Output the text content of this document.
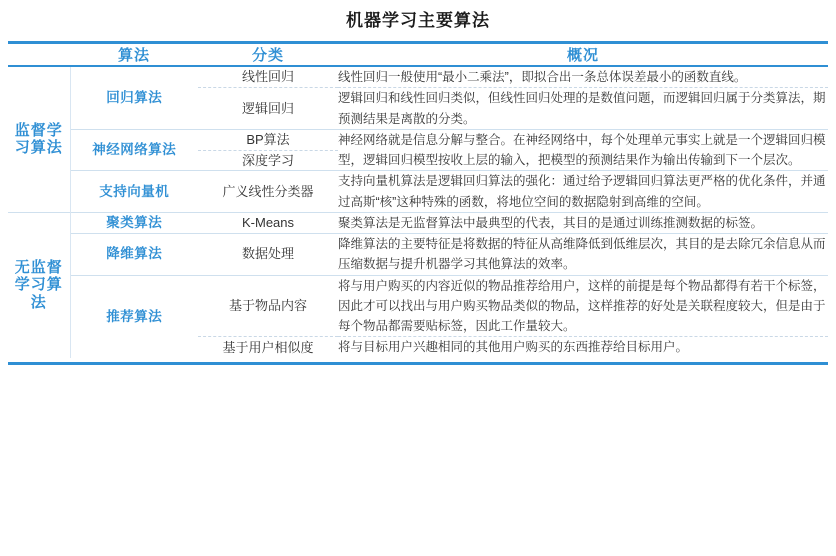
机器学习主要算法

	算法	分类	概况

监督学习算法	回归算法	线性回归	线性回归一般使用“最小二乘法”，即拟合出一条总体误差最小的函数直线。
		逻辑回归	逻辑回归和线性回归类似，但线性回归处理的是数值问题，而逻辑回归属于分类算法，期预测结果是离散的分类。
	神经网络算法	BP算法	神经网络就是信息分解与整合。在神经网络中，每个处理单元事实上就是一个逻辑回归模型，逻辑回归模型按收上层的输入，把模型的预测结果作为输出传输到下一个层次。
		深度学习	
	支持向量机	广义线性分类器	支持向量机算法是逻辑回归算法的强化：通过给予逻辑回归算法更严格的优化条件，并通过高斯“核”这种特殊的函数，将地位空间的数据隐射到高维的空间。
无监督学习算法	聚类算法	K-Means	聚类算法是无监督算法中最典型的代表，其目的是通过训练推测数据的标签。
	降维算法	数据处理	降维算法的主要特征是将数据的特征从高维降低到低维层次，其目的是去除冗余信息从而压缩数据与提升机器学习其他算法的效率。
	推荐算法	基于物品内容	将与用户购买的内容近似的物品推荐给用户，这样的前提是每个物品都得有若干个标签，因此才可以找出与用户购买物品类似的物品，这样推荐的好处是关联程度较大，但是由于每个物品都需要贴标签，因此工作量较大。
		基于用户相似度	将与目标用户兴趣相同的其他用户购买的东西推荐给目标用户。
